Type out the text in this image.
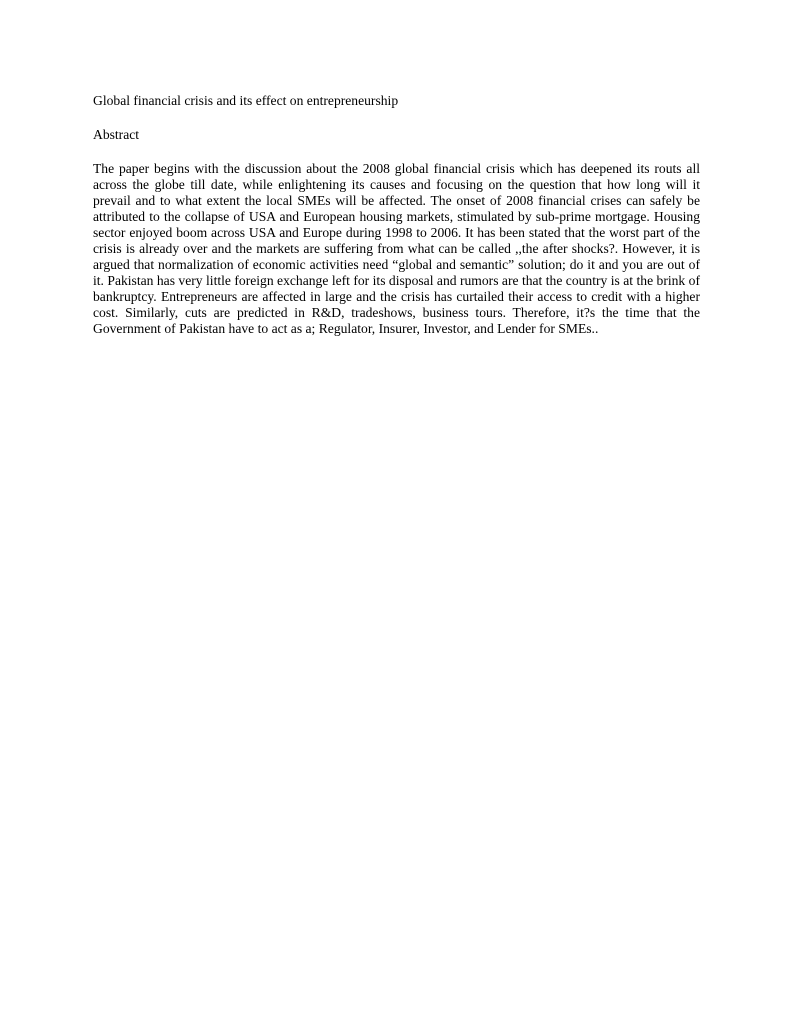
Global financial crisis and its effect on entrepreneurship
Abstract

The paper begins with the discussion about the 2008 global financial crisis which has deepened its routs all across the globe till date, while enlightening its causes and focusing on the question that how long will it prevail and to what extent the local SMEs will be affected. The onset of 2008 financial crises can safely be attributed to the collapse of USA and European housing markets, stimulated by sub-prime mortgage. Housing sector enjoyed boom across USA and Europe during 1998 to 2006. It has been stated that the worst part of the crisis is already over and the markets are suffering from what can be called ,,the after shocks?. However, it is argued that normalization of economic activities need “global and semantic” solution; do it and you are out of it. Pakistan has very little foreign exchange left for its disposal and rumors are that the country is at the brink of bankruptcy. Entrepreneurs are affected in large and the crisis has curtailed their access to credit with a higher cost. Similarly, cuts are predicted in R&D, tradeshows, business tours. Therefore, it?s the time that the Government of Pakistan have to act as a; Regulator, Insurer, Investor, and Lender for SMEs..
